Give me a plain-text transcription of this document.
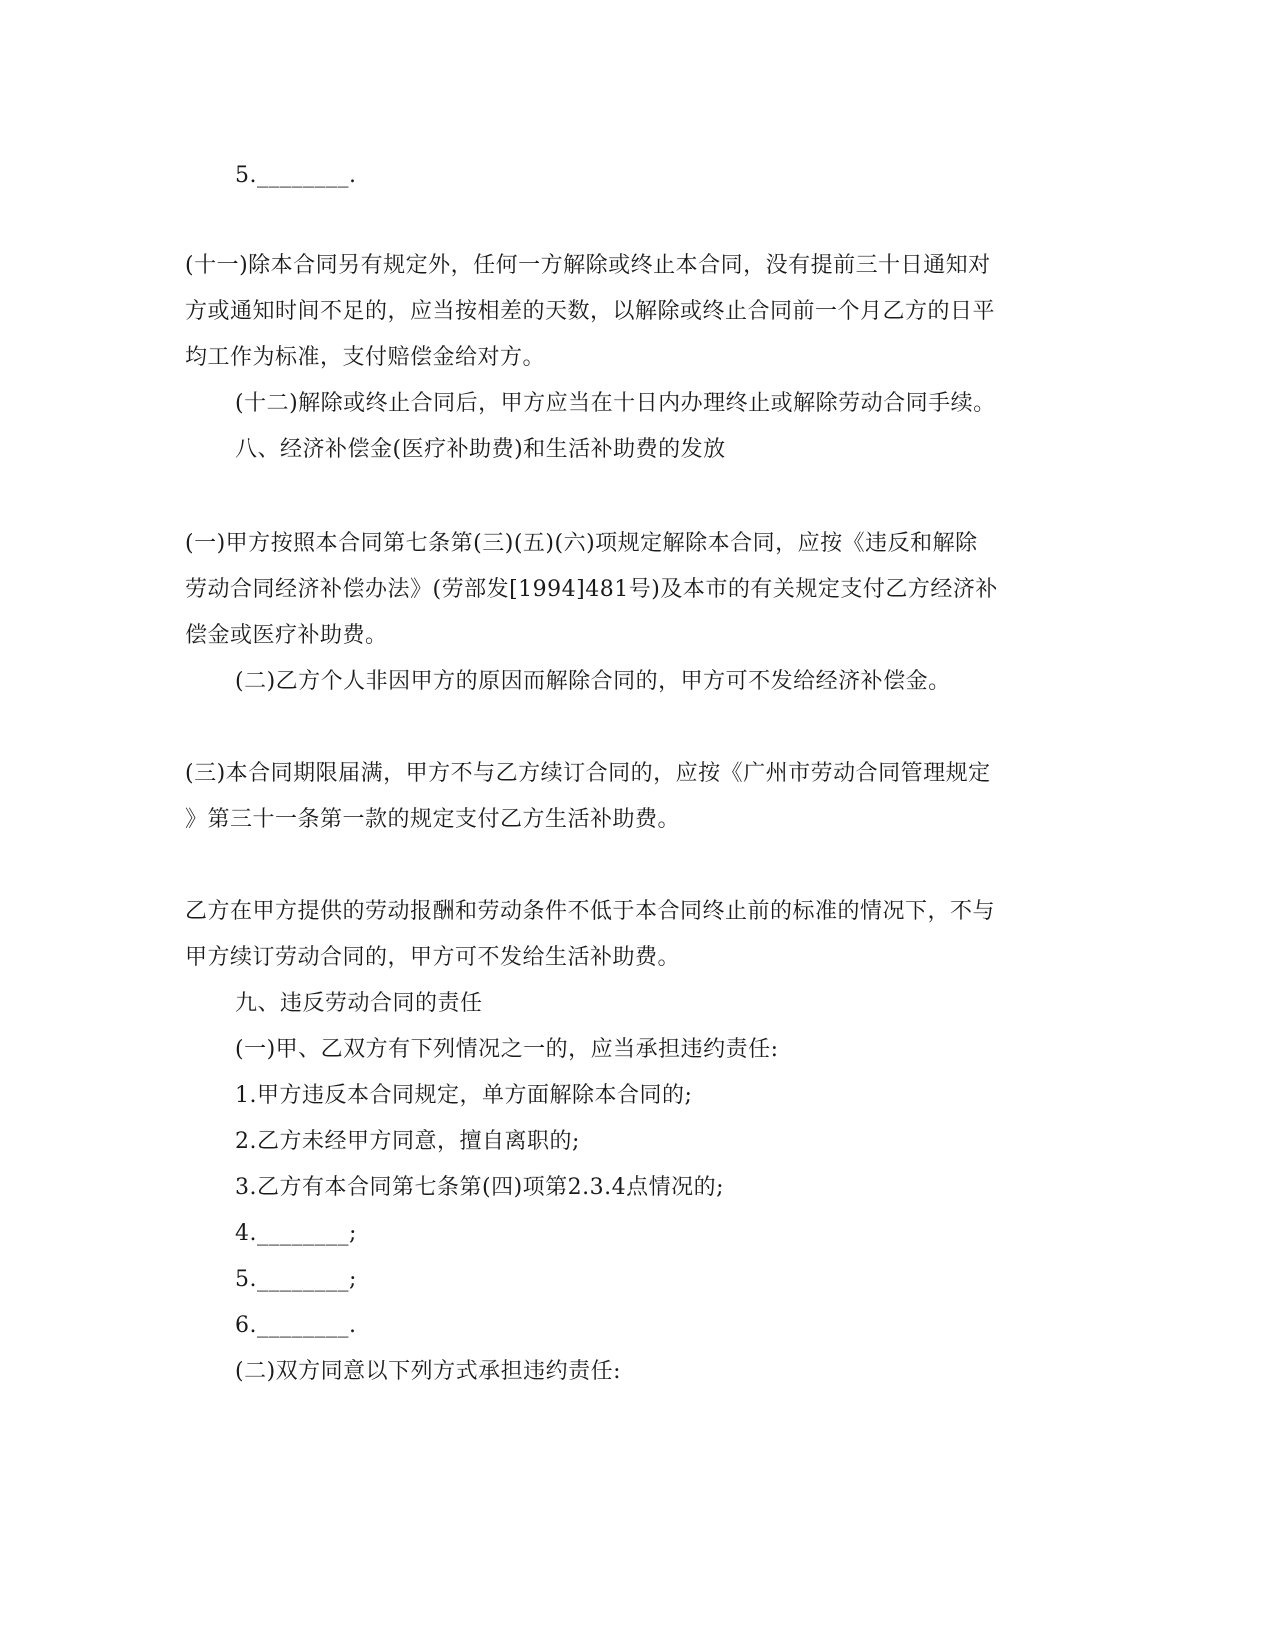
5.________.
(十一)除本合同另有规定外，任何一方解除或终止本合同，没有提前三十日通知对
方或通知时间不足的，应当按相差的天数，以解除或终止合同前一个月乙方的日平
均工作为标准，支付赔偿金给对方。
(十二)解除或终止合同后，甲方应当在十日内办理终止或解除劳动合同手续。
八、经济补偿金(医疗补助费)和生活补助费的发放
(一)甲方按照本合同第七条第(三)(五)(六)项规定解除本合同，应按《违反和解除
劳动合同经济补偿办法》(劳部发[1994]481号)及本市的有关规定支付乙方经济补
偿金或医疗补助费。
(二)乙方个人非因甲方的原因而解除合同的，甲方可不发给经济补偿金。
(三)本合同期限届满，甲方不与乙方续订合同的，应按《广州市劳动合同管理规定
》第三十一条第一款的规定支付乙方生活补助费。
乙方在甲方提供的劳动报酬和劳动条件不低于本合同终止前的标准的情况下，不与
甲方续订劳动合同的，甲方可不发给生活补助费。
九、违反劳动合同的责任
(一)甲、乙双方有下列情况之一的，应当承担违约责任:
1.甲方违反本合同规定，单方面解除本合同的;
2.乙方未经甲方同意，擅自离职的;
3.乙方有本合同第七条第(四)项第2.3.4点情况的;
4.________;
5.________;
6.________.
(二)双方同意以下列方式承担违约责任:
